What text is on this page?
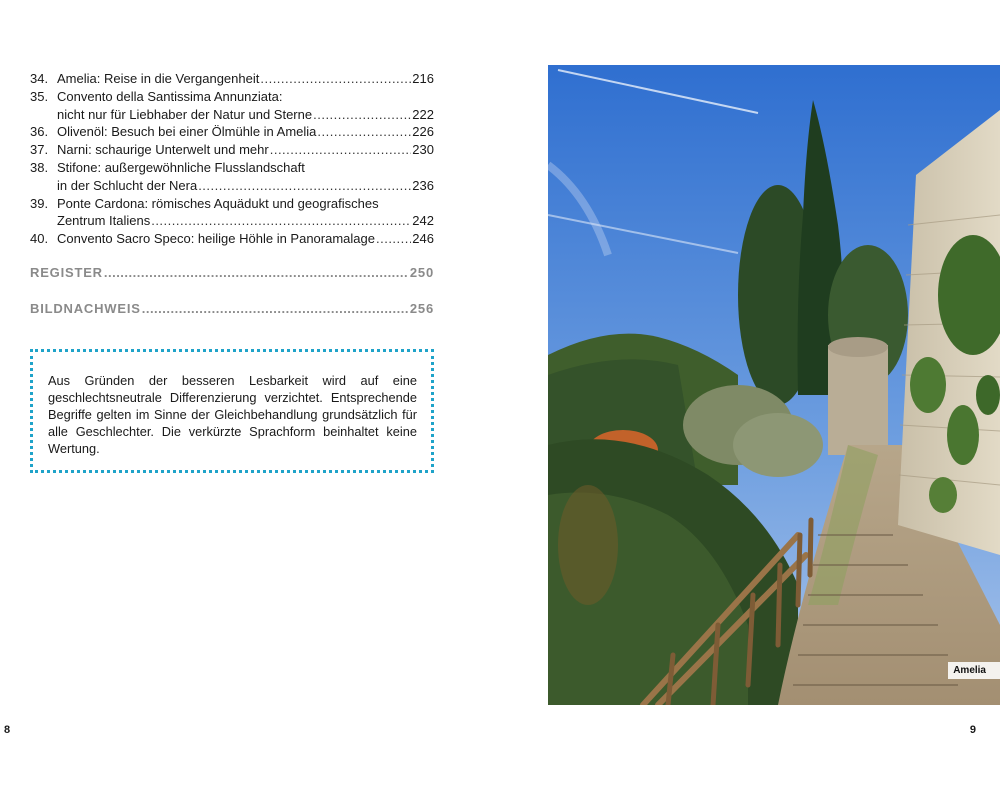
34. Amelia: Reise in die Vergangenheit .....	216
35. Convento della Santissima Annunziata:
nicht nur für Liebhaber der Natur und Sterne .....	222
36. Olivenöl: Besuch bei einer Ölmühle in Amelia .....	226
37. Narni: schaurige Unterwelt und mehr .....	230
38. Stifone: außergewöhnliche Flusslandschaft
in der Schlucht der Nera .....	236
39. Ponte Cardona: römisches Aquädukt und geografisches
Zentrum Italiens .....	242
40. Convento Sacro Speco: heilige Höhle in Panoramalage .....	246
REGISTER .....	250
BILDNACHWEIS .....	256
Aus Gründen der besseren Lesbarkeit wird auf eine geschlechtsneutrale Differenzierung verzichtet. Entsprechende Begriffe gelten im Sinne der Gleichbehandlung grundsätzlich für alle Geschlechter. Die verkürzte Sprachform beinhaltet keine Wertung.
8	9
Amelia
